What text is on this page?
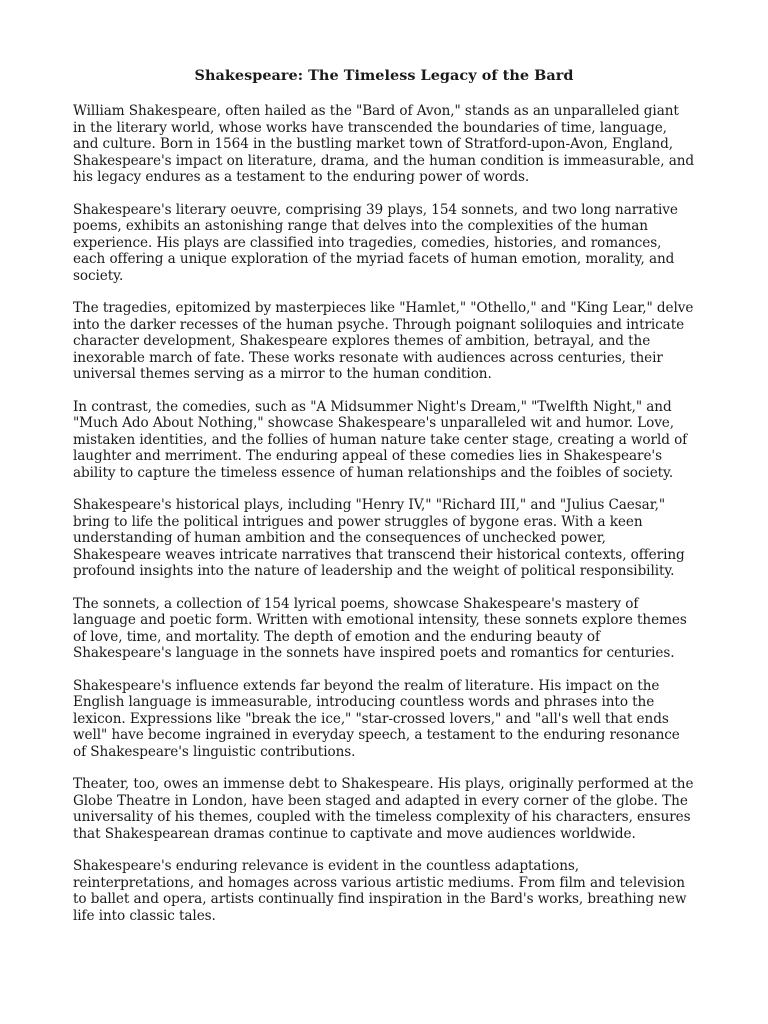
Shakespeare: The Timeless Legacy of the Bard

William Shakespeare, often hailed as the "Bard of Avon," stands as an unparalleled giant in the literary world, whose works have transcended the boundaries of time, language, and culture. Born in 1564 in the bustling market town of Stratford-upon-Avon, England, Shakespeare's impact on literature, drama, and the human condition is immeasurable, and his legacy endures as a testament to the enduring power of words.

Shakespeare's literary oeuvre, comprising 39 plays, 154 sonnets, and two long narrative poems, exhibits an astonishing range that delves into the complexities of the human experience. His plays are classified into tragedies, comedies, histories, and romances, each offering a unique exploration of the myriad facets of human emotion, morality, and society.

The tragedies, epitomized by masterpieces like "Hamlet," "Othello," and "King Lear," delve into the darker recesses of the human psyche. Through poignant soliloquies and intricate character development, Shakespeare explores themes of ambition, betrayal, and the inexorable march of fate. These works resonate with audiences across centuries, their universal themes serving as a mirror to the human condition.

In contrast, the comedies, such as "A Midsummer Night's Dream," "Twelfth Night," and "Much Ado About Nothing," showcase Shakespeare's unparalleled wit and humor. Love, mistaken identities, and the follies of human nature take center stage, creating a world of laughter and merriment. The enduring appeal of these comedies lies in Shakespeare's ability to capture the timeless essence of human relationships and the foibles of society.

Shakespeare's historical plays, including "Henry IV," "Richard III," and "Julius Caesar," bring to life the political intrigues and power struggles of bygone eras. With a keen understanding of human ambition and the consequences of unchecked power, Shakespeare weaves intricate narratives that transcend their historical contexts, offering profound insights into the nature of leadership and the weight of political responsibility.

The sonnets, a collection of 154 lyrical poems, showcase Shakespeare's mastery of language and poetic form. Written with emotional intensity, these sonnets explore themes of love, time, and mortality. The depth of emotion and the enduring beauty of Shakespeare's language in the sonnets have inspired poets and romantics for centuries.

Shakespeare's influence extends far beyond the realm of literature. His impact on the English language is immeasurable, introducing countless words and phrases into the lexicon. Expressions like "break the ice," "star-crossed lovers," and "all's well that ends well" have become ingrained in everyday speech, a testament to the enduring resonance of Shakespeare's linguistic contributions.

Theater, too, owes an immense debt to Shakespeare. His plays, originally performed at the Globe Theatre in London, have been staged and adapted in every corner of the globe. The universality of his themes, coupled with the timeless complexity of his characters, ensures that Shakespearean dramas continue to captivate and move audiences worldwide.

Shakespeare's enduring relevance is evident in the countless adaptations, reinterpretations, and homages across various artistic mediums. From film and television to ballet and opera, artists continually find inspiration in the Bard's works, breathing new life into classic tales.
